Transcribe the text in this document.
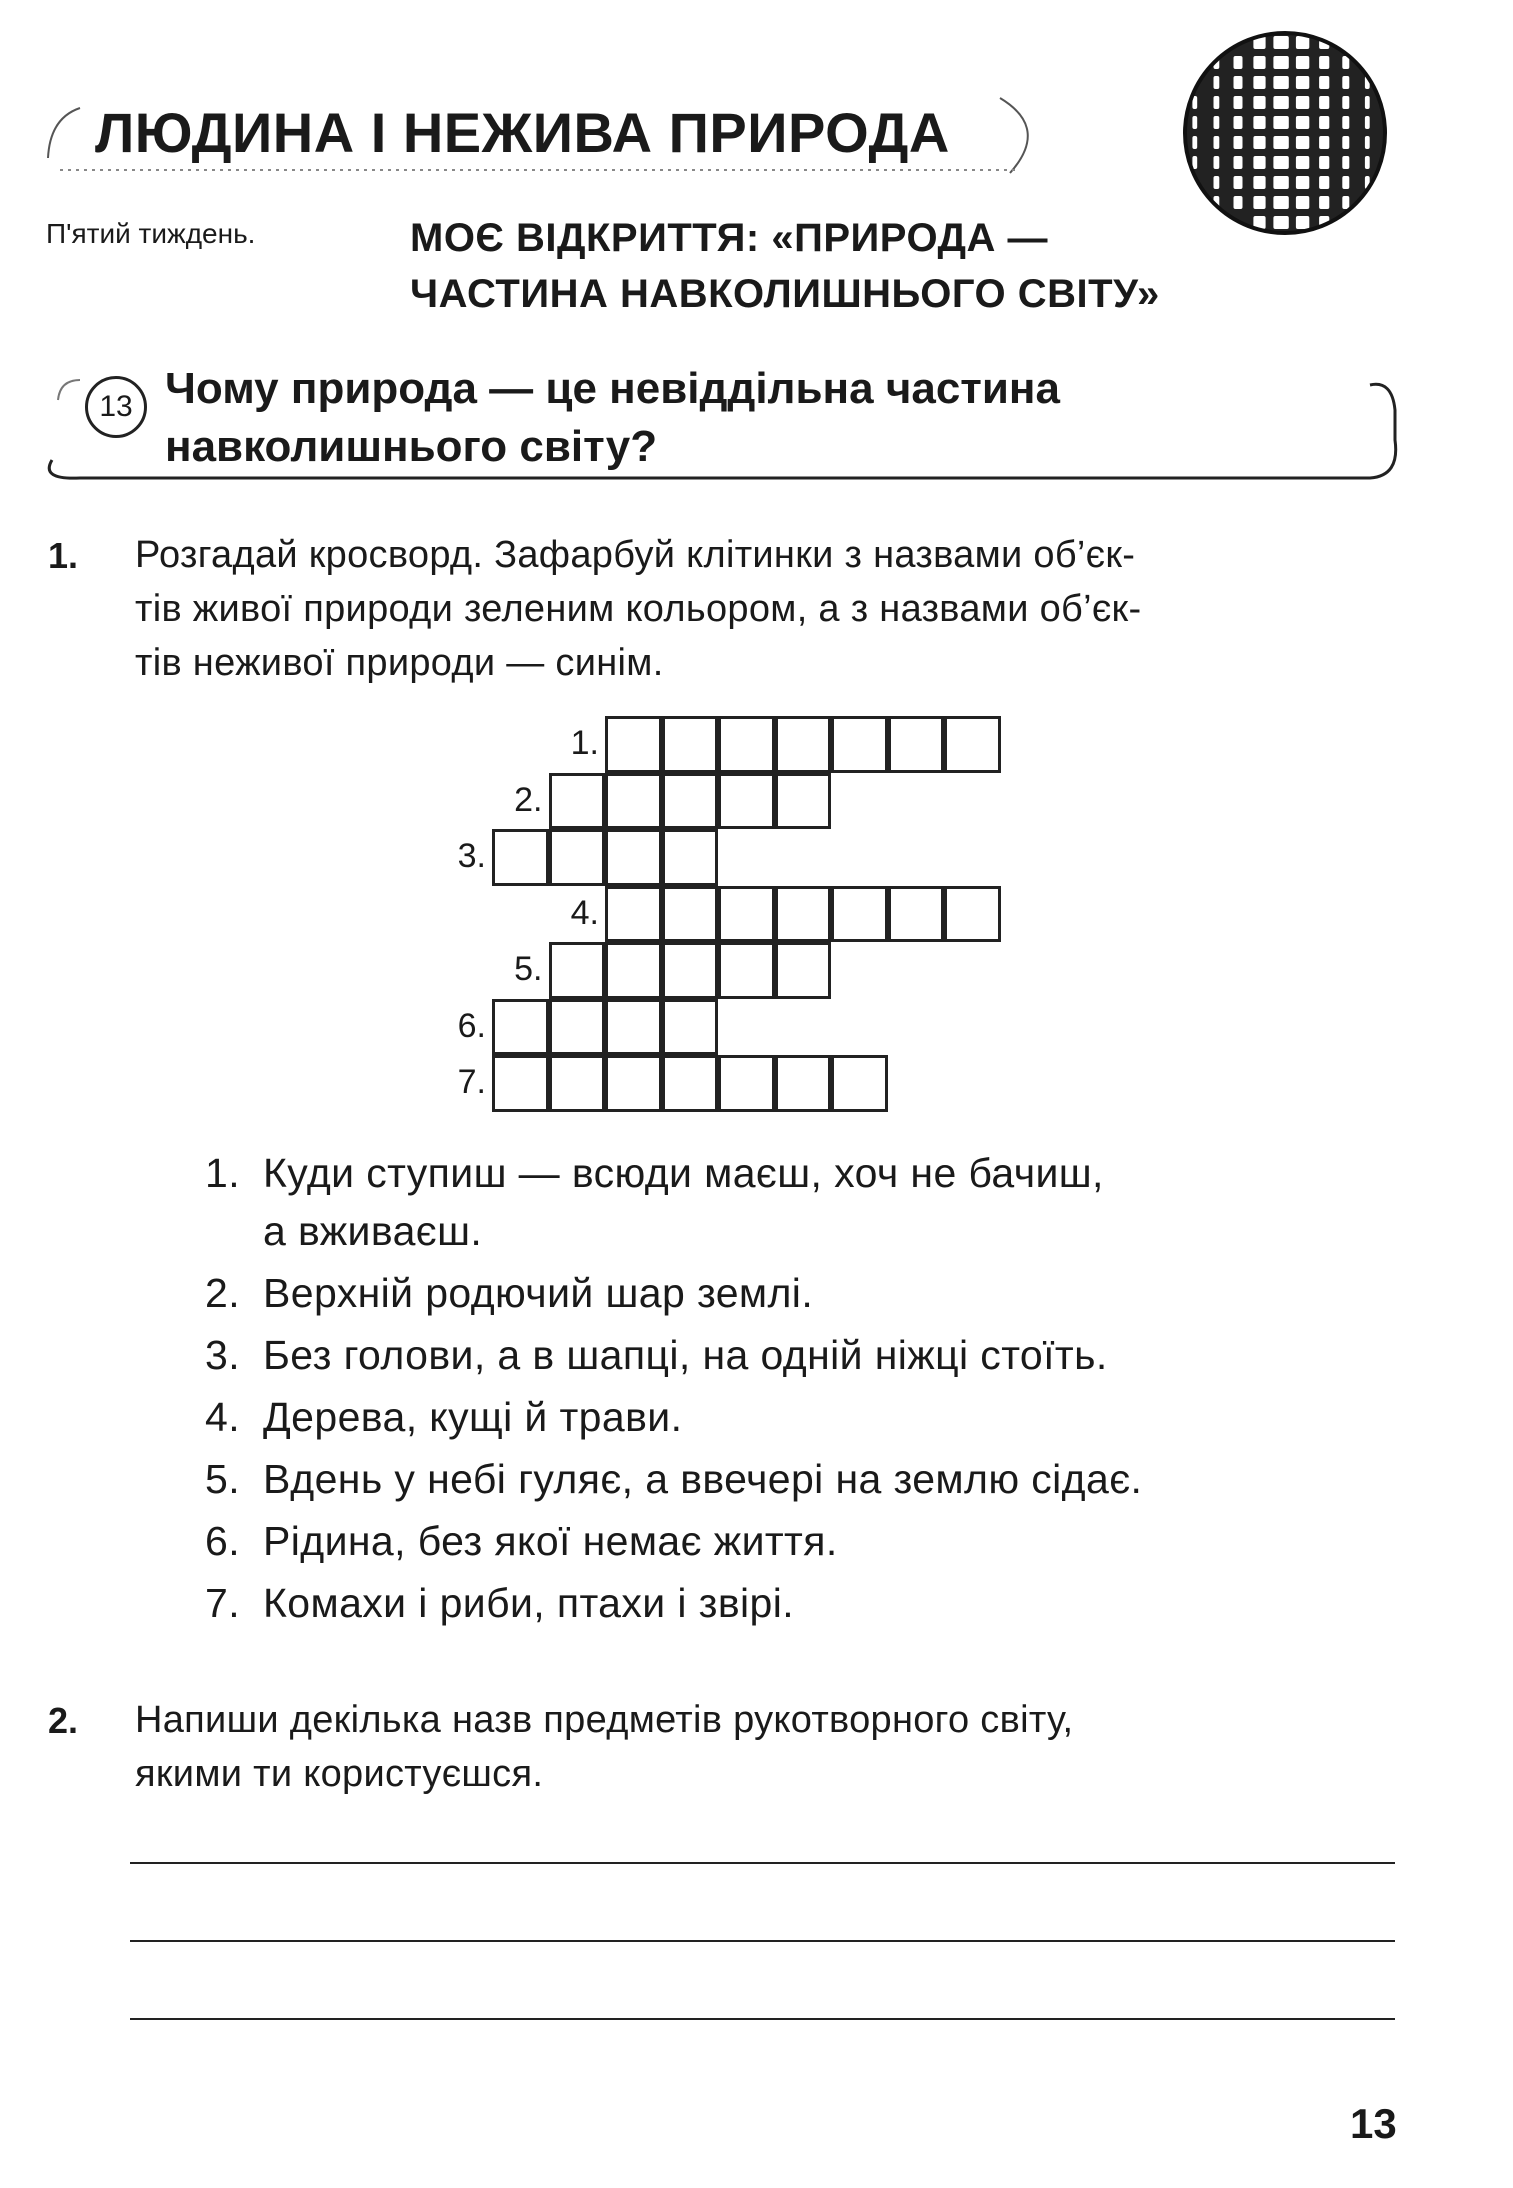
ЛЮДИНА І НЕЖИВА ПРИРОДА
П'ятий тиждень.	МОЄ ВІДКРИТТЯ: «ПРИРОДА —
ЧАСТИНА НАВКОЛИШНЬОГО СВІТУ»
13 Чому природа — це невіддільна частина
навколишнього світу?
1. Розгадай кросворд. Зафарбуй клітинки з назвами об’єк-
тів живої природи зеленим кольором, а з назвами об’єк-
тів неживої природи — синім.
1.
2.
3.
4.
5.
6.
7.
1. Куди ступиш — всюди маєш, хоч не бачиш,
а вживаєш.
2. Верхній родючий шар землі.
3. Без голови, а в шапці, на одній ніжці стоїть.
4. Дерева, кущі й трави.
5. Вдень у небі гуляє, а ввечері на землю сідає.
6. Рідина, без якої немає життя.
7. Комахи і риби, птахи і звірі.
2. Напиши декілька назв предметів рукотворного світу,
якими ти користуєшся.
13
